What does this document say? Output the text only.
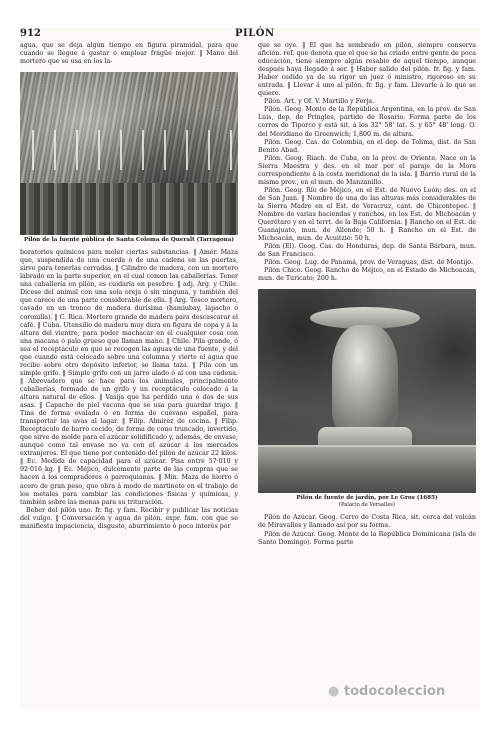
912	PILÓN

agua, que se deja algún tiempo en figura piramidal, para que cuando se llegue á gastar ó emplear frágüe mejor. ‖ Mano del mortero que se usa en los la-

Pilón de la fuente pública de Santa Coloma de Queralt (Tarragona)

boratorios químicos para moler ciertas substancias. ‖ Amér. Maza que, suspendida de una cuerda ó de una cadena en las puertas, sirve para tenerlas cerradas. ‖ Cilindro de madera, con un mortero labrado en la parte superior, en el cual comen las caballerías. Tener una caballería en pilón, es cuidarla en pesebre. ‖ adj. Arg. y Chile. Dícese del animal con una sola oreja ó sin ninguna, y también del que carece de una parte considerable de ella. ‖ Arg. Tosco mortero, cavado en un tronco de madera durísima (hamiubay, lapacho ó coronilla). ‖ C. Rica. Mortero grande de madera para descascarar el café. ‖ Cuba. Utensilio de madera muy dura en figura de copa y á la altura del vientre, para poder machacar en él cualquier cosa con una macana ó palo grueso que llaman mano. ‖ Chile. Pila grande, ó sea el receptáculo en que se recogen las aguas de una fuente, y del que cuando está colocado sobre una columna y vierte el agua que recibe sobre otro depósito inferior, se llama taza. ‖ Pila con un simple grifo. ‖ Simple grifo con un jarro alado ó al con una cadena. ‖ Abrevadero que se hace para los animales, principalmente caballerías, formado de un grifo y un receptáculo colocado á la altura natural de ellos. ‖ Vasija que ha perdido una ó dos de sus asas. ‖ Capacho de piel vacuna que se usa para guardar trigo. ‖ Tina de forma ovalada ó en forma de cuévano español, para transportar las uvas al lagar. ‖ Filip. Almirez de cocina. ‖ Filip. Receptáculo de barro cocido, de forma de cono truncado, invertido, que sirve de molde para el azúcar solidificado y, además, de envase, aunque como tal envase no va con el azúcar á los mercados extranjeros. El que tiene por contenido del pilón de azúcar 22 kilos. ‖ Ec. Medida de capacidad para el azúcar. Pisa entre 57·010 y 92·016 kg. ‖ Ec. Méjico, dulcemente parte de las compras que se hacen á los compradores ó parroquianos. ‖ Min. Maza de hierro ó acero de gran peso, que obra á modo de martinete en el trabajo de los metales para cambiar las condiciones físicas y químicas, y también sobre las menas para su trituración.

Beber del pilón uno. fr. fig. y fam. Recibir y publicar las noticias del vulgo. ‖ Conversación y agua de pilón. expr. fam. con que se manifiesta impaciencia, disgusto, aburrimiento ó poco interés por

que se oye. ‖ El que ha sembrado en pilón, siempre conserva afición. ref. que denota que el que se ha criado entre gente de poca educación, tiene siempre algún resabio de aquel tiempo, aunque después haya llegado á ser. ‖ Haber salido del pilón. fr. fig. y fam. Haber cedido ya de su rigor un juez ó ministro, rigoroso en su entrada. ‖ Llevar á uno al pilón. fr. fig. y fam. Llevarle á lo que se quiere.

Pilón. Art. y Of. V. Martillo y Forja.

Pilón. Geog. Monte de la República Argentina, en la prov. de San Luis, dep. de Pringles, partido de Rosario. Forma parte de los cerros de Tiporco y está sit. á los 32° 58' lat. S. y 65° 48' long. O. del Meridiano de Greenwich; 1,800 m. de altura.

Pilón. Geog. Cas. de Colombia, en el dep. de Tolima, dist. de San Benito Abad.

Pilón. Geog. Riach. de Cuba, en la prov. de Oriente. Nace en la Sierra Maestra y des. en el mar por el paraje de la Mora correspondiente á la costa meridional de la isla. ‖ Barrio rural de la misma prov., en el mun. de Manzanillo.

Pilón. Geog. Río de Méjico, en el Est. de Nuevo León; des. en el de San Juan. ‖ Nombre de una de las alturas más considerables de la Sierra Madre en el Est. de Veracruz, cant. de Chicontepec. ‖ Nombre de varias haciendas y ranchos, en los Est. de Michoacán y Querétaro y en el terrt. de la Baja California. ‖ Rancho en el Est. de Guanajuato, mun. de Allende; 50 h. ‖ Rancho en el Est. de Michoacán, mun. de Acuitzio: 50 h.

Pilón (El). Geog. Cas. de Honduras, dep. de Santa Bárbara, mun. de San Francisco.

Pilón. Geog. Lug. de Panamá, prov. de Veraguas, dist. de Montijo.

Pilón Chico. Geog. Rancho de Méjico, en el Estado de Michoacán, mun. de Turicato; 200 h.

Pilón de fuente de jardín, por Le Gros (1685)
(Palacio de Versalles)

Pilón de Azúcar. Geog. Cerro de Costa Rica, sit. cerca del volcán de Miravalles y llamado así por su forma.

Pilón de Azúcar. Geog. Monte de la República Dominicana (isla de Santo Domingo). Forma parte

● todocoleccion
